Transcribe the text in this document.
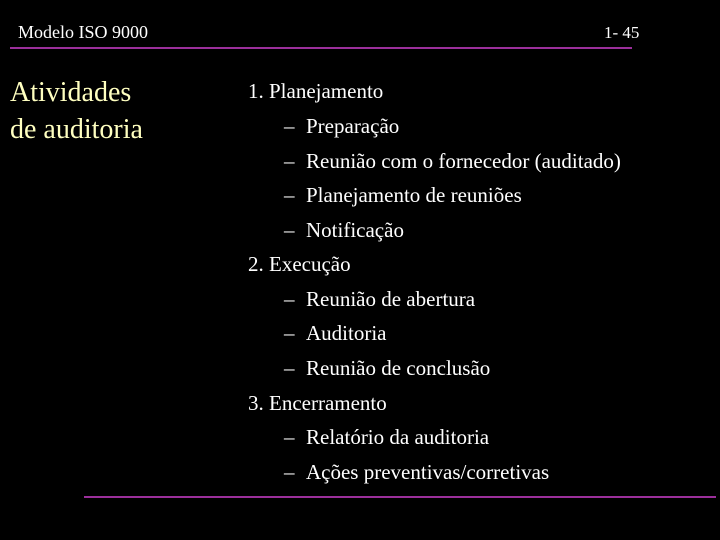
Modelo ISO 9000	1- 45
Atividades
de auditoria
1. Planejamento
– Preparação
– Reunião com o fornecedor (auditado)
– Planejamento de reuniões
– Notificação
2. Execução
– Reunião de abertura
– Auditoria
– Reunião de conclusão
3. Encerramento
– Relatório da auditoria
– Ações preventivas/corretivas
